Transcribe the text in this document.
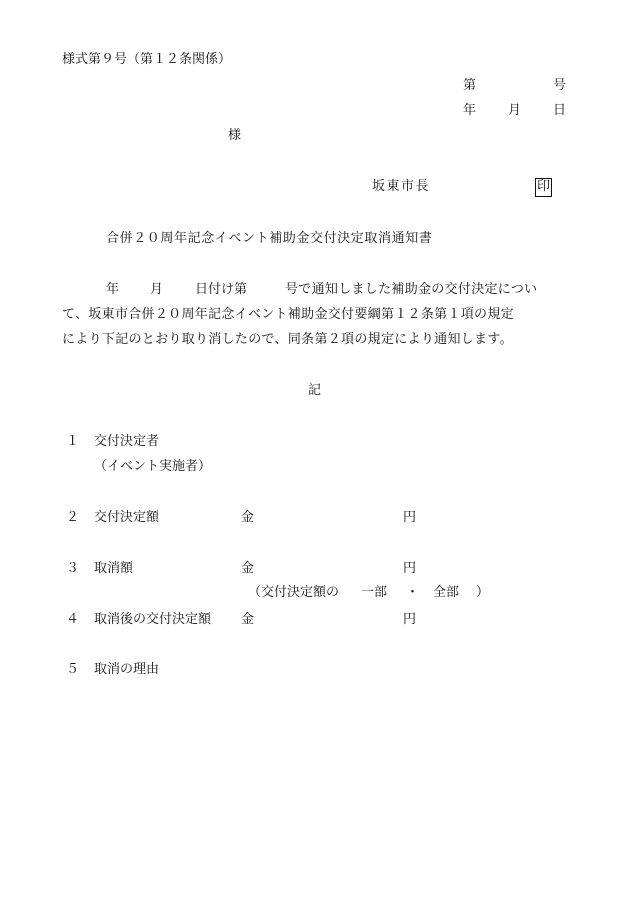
様式第９号（第１２条関係）
第	号
年 月 日
様
坂東市長	印
合併２０周年記念イベント補助金交付決定取消通知書
年 月 日付け第	号で通知しました補助金の交付決定につい
て、坂東市合併２０周年記念イベント補助金交付要綱第１２条第１項の規定
により下記のとおり取り消したので、同条第２項の規定により通知します。
記
１ 交付決定者
（イベント実施者）
２ 交付決定額	金	円
３ 取消額	金	円
（交付決定額の 一部 ・ 全部 ）
４ 取消後の交付決定額 金	円
５ 取消の理由
